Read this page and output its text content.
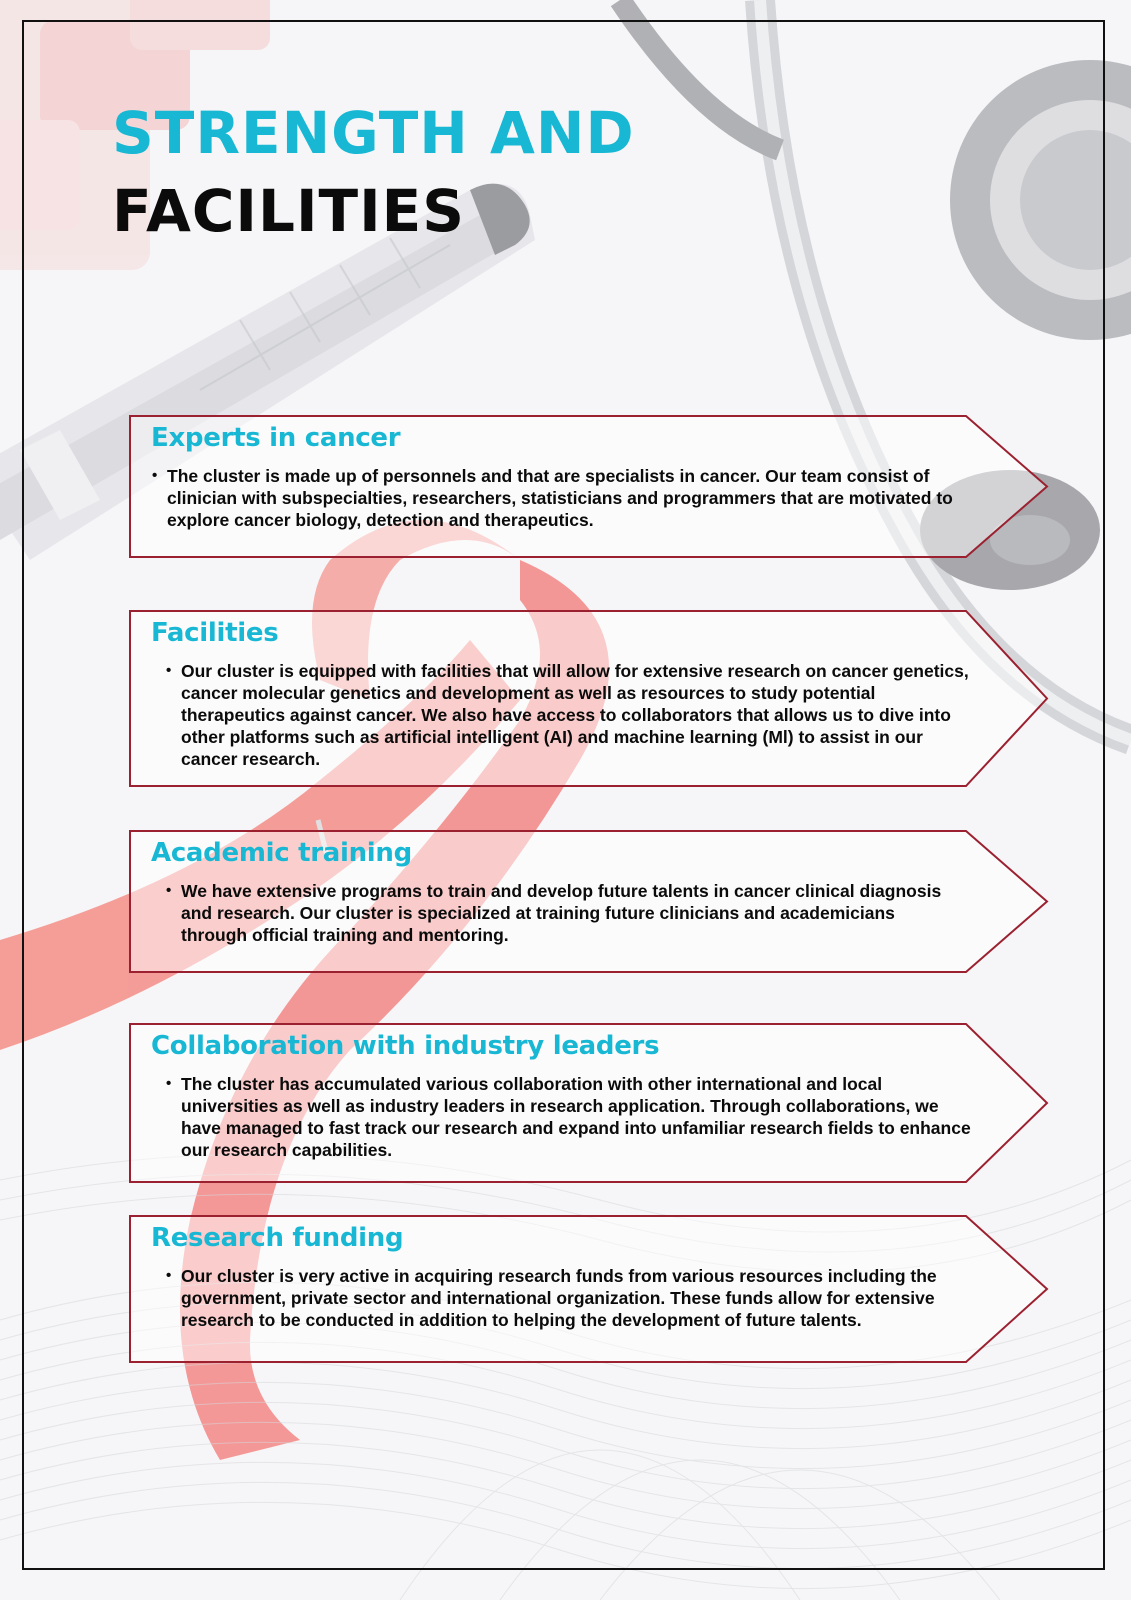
STRENGTH AND
FACILITIES
Experts in cancer
• The cluster is made up of personnels and that are specialists in cancer. Our team consist of clinician with subspecialties, researchers, statisticians and programmers that are motivated to explore cancer biology, detection and therapeutics.
Facilities
• Our cluster is equipped with facilities that will allow for extensive research on cancer genetics, cancer molecular genetics and development as well as resources to study potential therapeutics against cancer. We also have access to collaborators that allows us to dive into other platforms such as artificial intelligent (AI) and machine learning (Ml) to assist in our cancer research.
Academic training
• We have extensive programs to train and develop future talents in cancer clinical diagnosis and research. Our cluster is specialized at training future clinicians and academicians through official training and mentoring.
Collaboration with industry leaders
• The cluster has accumulated various collaboration with other international and local universities as well as industry leaders in research application. Through collaborations, we have managed to fast track our research and expand into unfamiliar research fields to enhance our research capabilities.
Research funding
• Our cluster is very active in acquiring research funds from various resources including the government, private sector and international organization. These funds allow for extensive research to be conducted in addition to helping the development of future talents.
